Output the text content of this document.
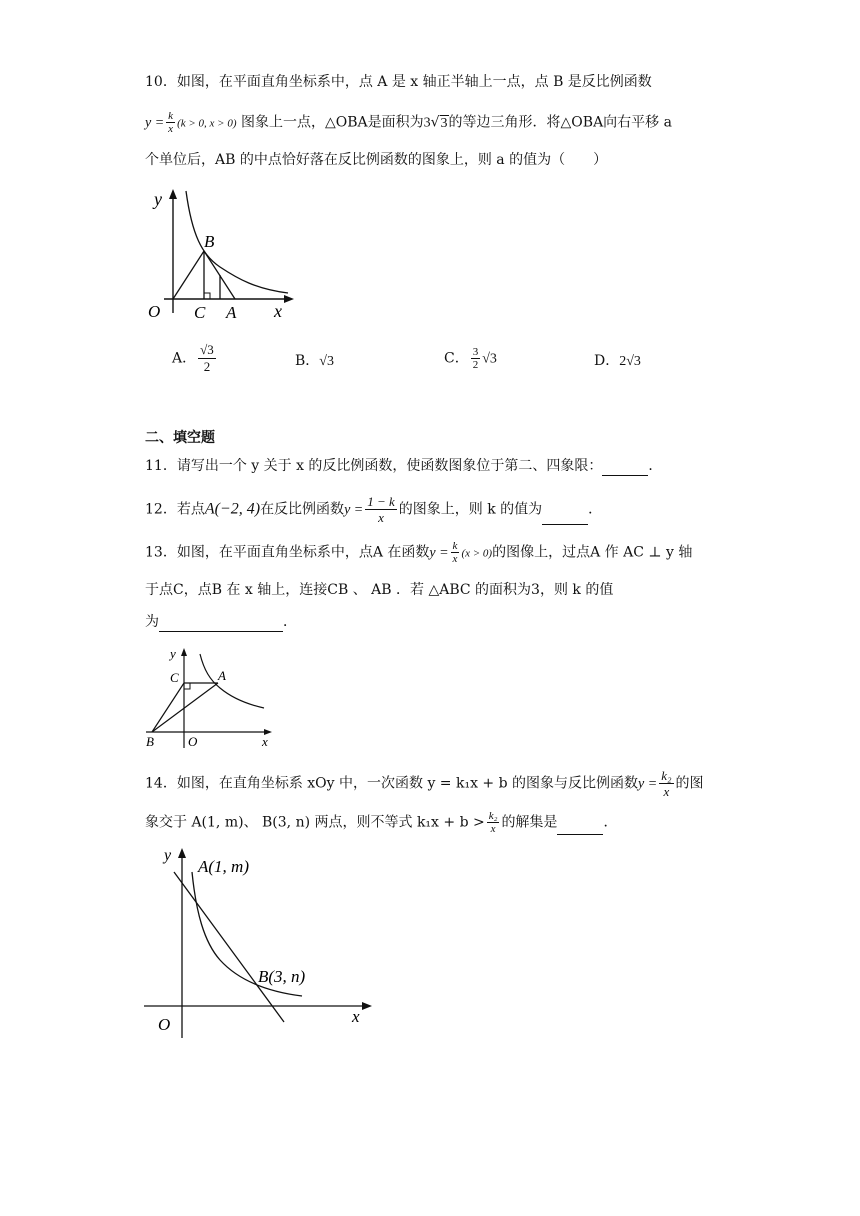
10．如图，在平面直角坐标系中，点 A 是 x 轴正半轴上一点，点 B 是反比例函数
$y = \frac{k}{x} (k > 0$, x > 0) 图象上一点，△OBA是面积为3√3的等边三角形．将△OBA向右平移 a
个单位后，AB 的中点恰好落在反比例函数的图象上，则 a 的值为（　　）
y
B
O C A x
A． $\frac{√3}{2}$	B．√3	C． $\frac{3}{2} √3$	D．2√3
二、填空题
11．请写出一个 y 关于 x 的反比例函数，使函数图象位于第二、四象限：	．
12．若点A(−2, 4)在反比例函数$y = \frac{1 - k}{x}$ 的图象上，则 k 的值为	．
13．如图，在平面直角坐标系中，点A 在函数$y = \frac{k}{x} (x > 0)$的图像上，过点A 作 AC ⊥ y 轴
于点C，点B 在 x 轴上，连接CB 、 AB ．若 △ABC 的面积为3，则 k 的值
为	．
y
C	A
B	O	x
14．如图，在直角坐标系 xOy 中，一次函数 y = k₁x + b 的图象与反比例函数$y = \frac{\text{k₂}}{x}$ 的图
象交于 A(1, m)、 B(3, n) 两点，则不等式 $k_1x + b > \frac{\text{k₂}}{x}$ 的解集是	．
y
A(1, m)
B(3, n)
O	x
